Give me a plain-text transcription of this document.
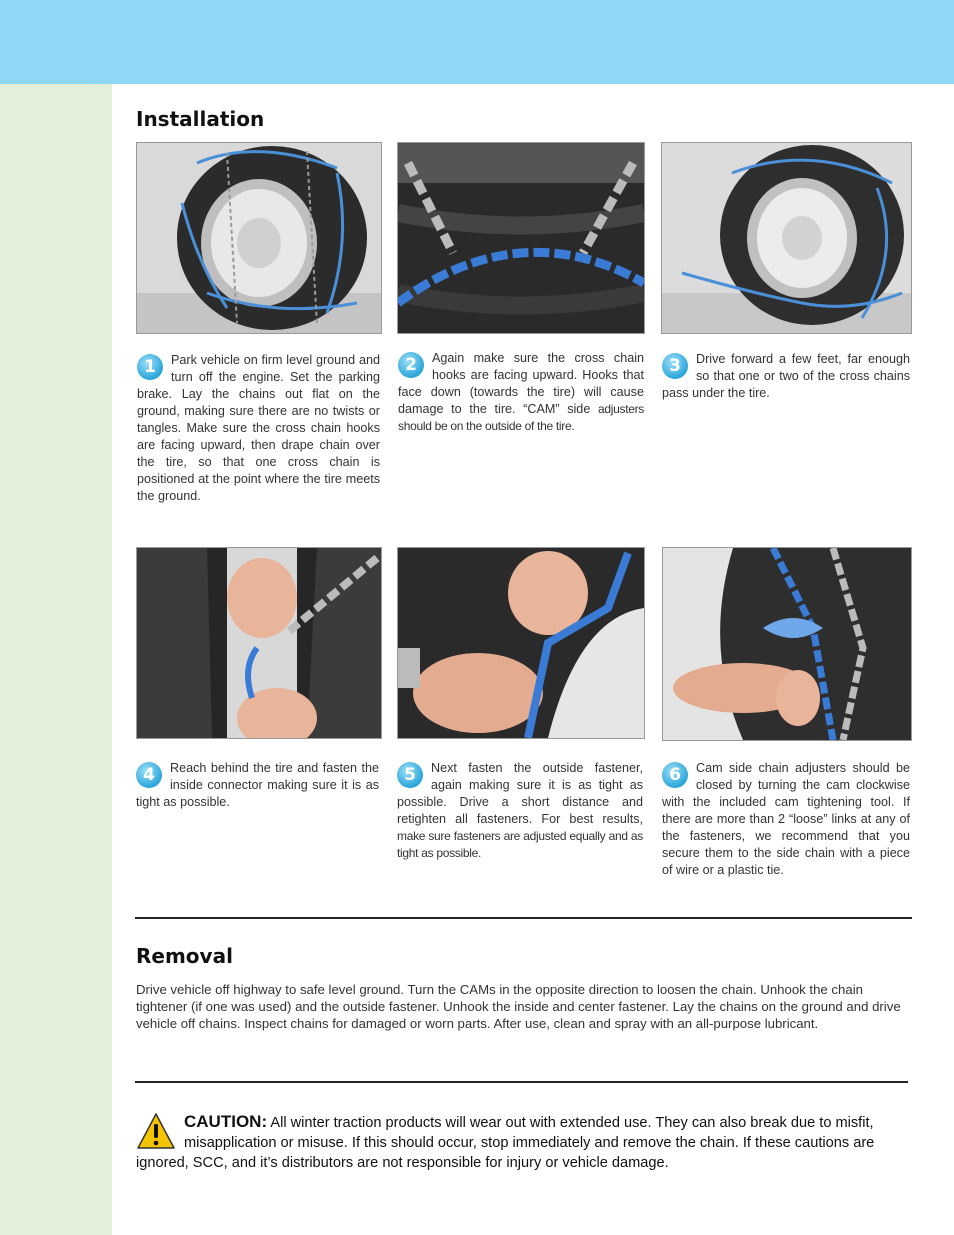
Installation
1	Park vehicle on firm level ground and turn off the engine. Set the parking brake. Lay the chains out flat on the ground, making sure there are no twists or tangles. Make sure the cross chain hooks are facing upward, then drape chain over the tire, so that one cross chain is positioned at the point where the tire meets the ground.
2	Again make sure the cross chain hooks are facing upward. Hooks that face down (towards the tire) will cause damage to the tire. “CAM” side adjusters should be on the outside of the tire.
3	Drive forward a few feet, far enough so that one or two of the cross chains pass under the tire.
4	Reach behind the tire and fasten the inside connector making sure it is as tight as possible.
5	Next fasten the outside fastener, again making sure it is as tight as possible. Drive a short distance and retighten all fasteners. For best results, make sure fasteners are adjusted equally and as tight as possible.
6	Cam side chain adjusters should be closed by turning the cam clockwise with the included cam tightening tool. If there are more than 2 “loose” links at any of the fasteners, we recommend that you secure them to the side chain with a piece of wire or a plastic tie.
Removal
Drive vehicle off highway to safe level ground. Turn the CAMs in the opposite direction to loosen the chain. Unhook the chain tightener (if one was used) and the outside fastener. Unhook the inside and center fastener. Lay the chains on the ground and drive vehicle off chains. Inspect chains for damaged or worn parts. After use, clean and spray with an all-purpose lubricant.
CAUTION: All winter traction products will wear out with extended use. They can also break due to misfit, misapplication or misuse. If this should occur, stop immediately and remove the chain. If these cautions are ignored, SCC, and it’s distributors are not responsible for injury or vehicle damage.
